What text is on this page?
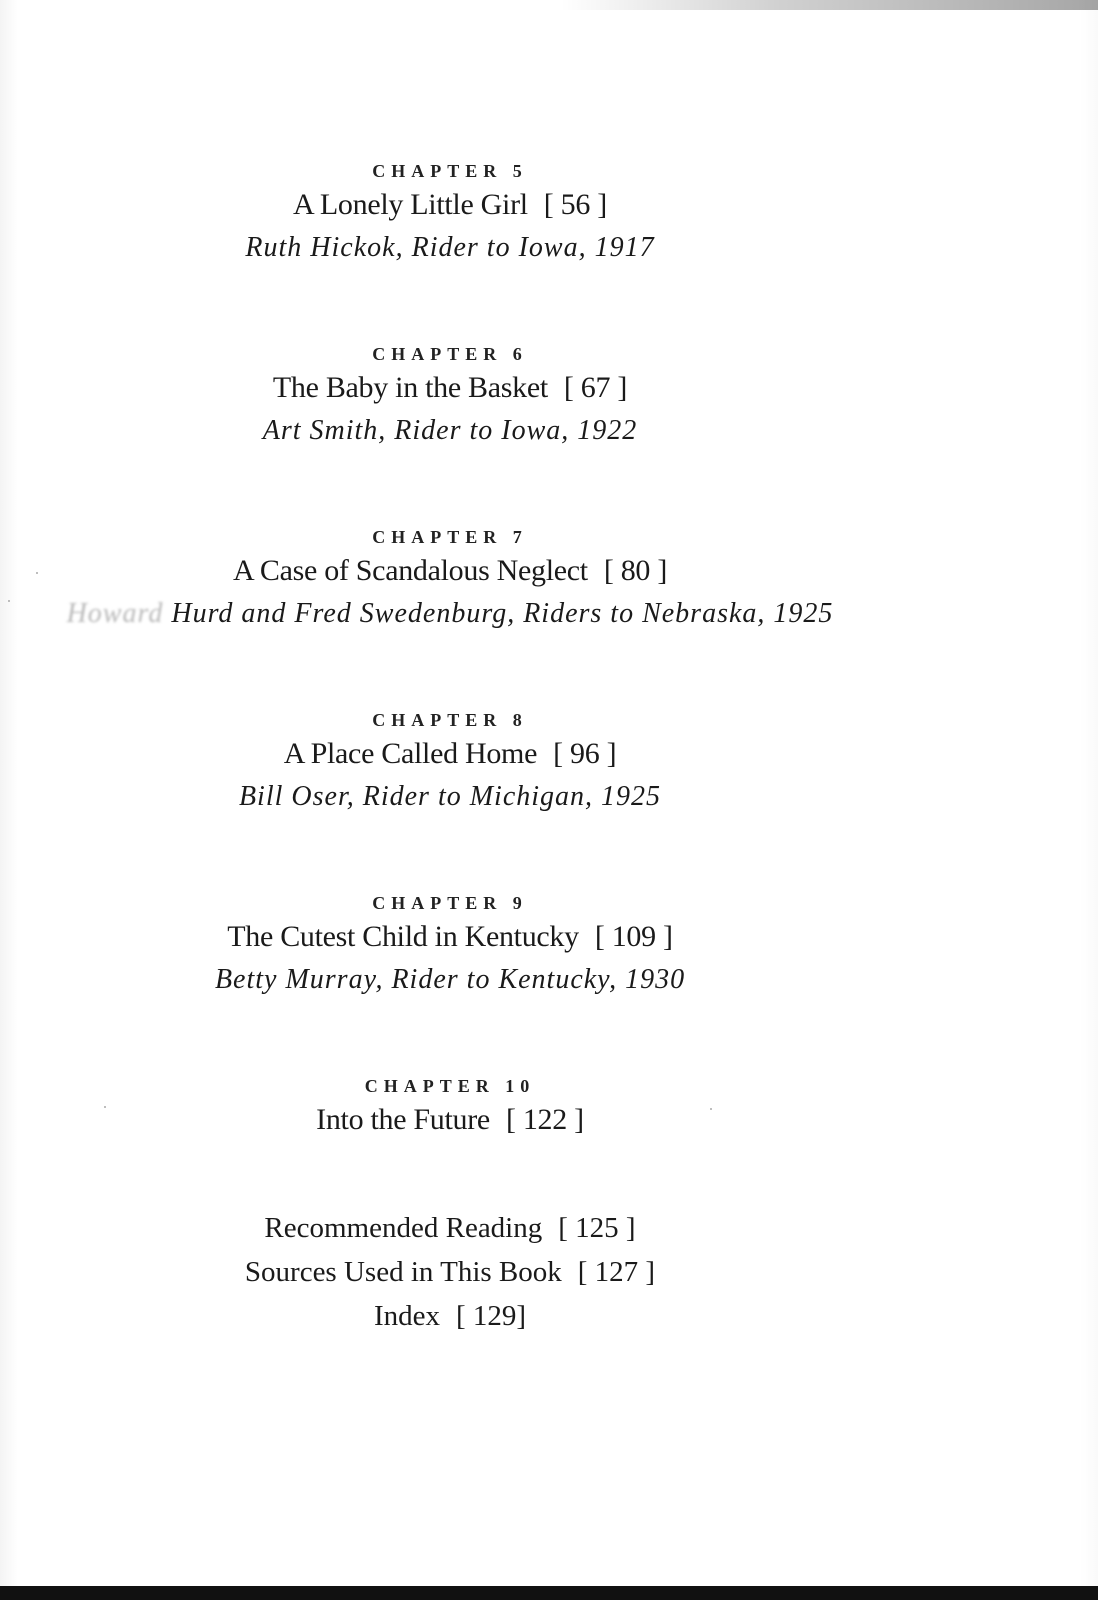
CHAPTER 5
A Lonely Little Girl [ 56 ]
Ruth Hickok, Rider to Iowa, 1917
CHAPTER 6
The Baby in the Basket [ 67 ]
Art Smith, Rider to Iowa, 1922
CHAPTER 7
A Case of Scandalous Neglect [ 80 ]
Howard Hurd and Fred Swedenburg, Riders to Nebraska, 1925
CHAPTER 8
A Place Called Home [ 96 ]
Bill Oser, Rider to Michigan, 1925
CHAPTER 9
The Cutest Child in Kentucky [ 109 ]
Betty Murray, Rider to Kentucky, 1930
CHAPTER 10
Into the Future [ 122 ]
Recommended Reading [ 125 ]
Sources Used in This Book [ 127 ]
Index [ 129]
